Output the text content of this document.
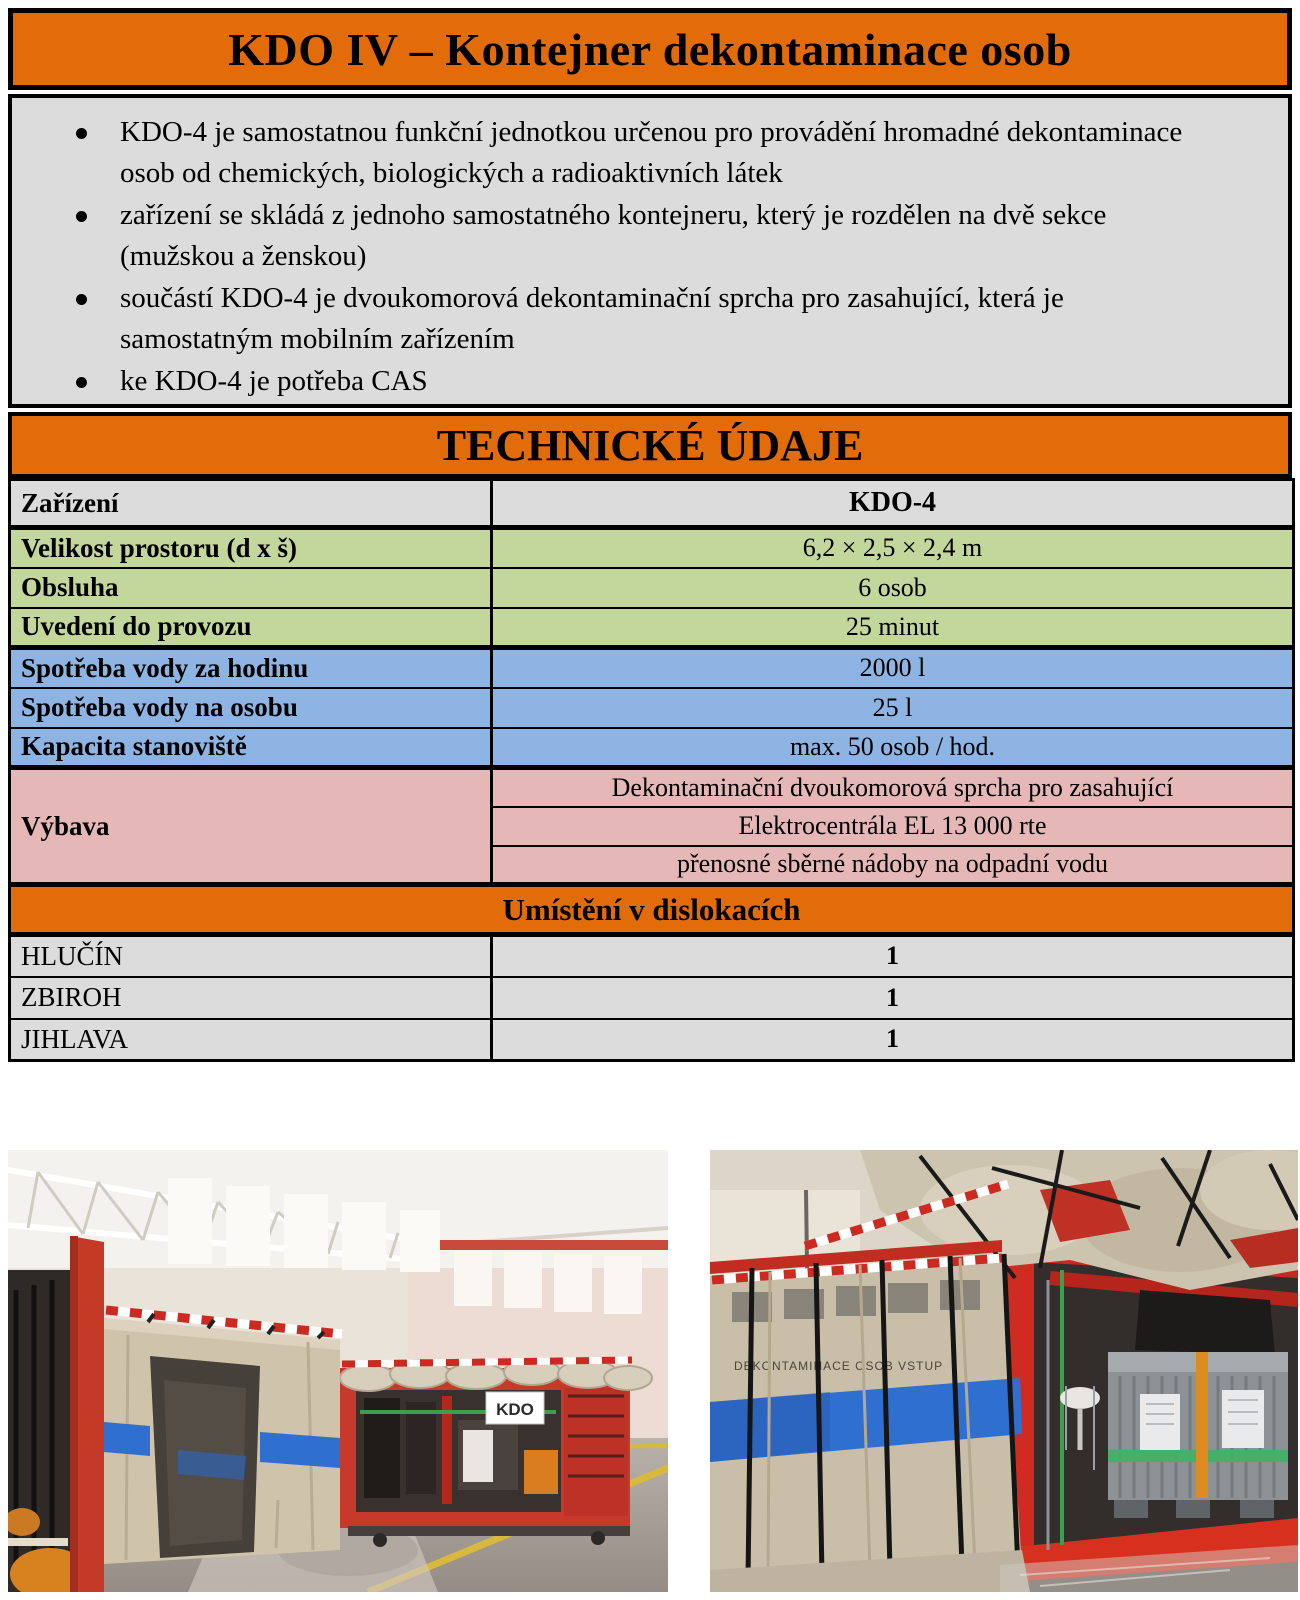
KDO IV – Kontejner dekontaminace osob
KDO-4 je samostatnou funkční jednotkou určenou pro provádění hromadné dekontaminace osob od chemických, biologických a radioaktivních látek
zařízení se skládá z jednoho samostatného kontejneru, který je rozdělen na dvě sekce (mužskou a ženskou)
součástí KDO-4 je dvoukomorová dekontaminační sprcha pro zasahující, která je samostatným mobilním zařízením
ke KDO-4 je potřeba CAS
TECHNICKÉ ÚDAJE
Zařízení	KDO-4
Velikost prostoru (d x š)	6,2 × 2,5 × 2,4 m
Obsluha	6 osob
Uvedení do provozu	25 minut
Spotřeba vody za hodinu	2000 l
Spotřeba vody na osobu	25 l
Kapacita stanoviště	max. 50 osob / hod.
Výbava	Dekontaminační dvoukomorová sprcha pro zasahující
	Elektrocentrála EL 13 000 rte
	přenosné sběrné nádoby na odpadní vodu
Umístění v dislokacích	
HLUČÍN	1
ZBIROH	1
JIHLAVA	1
KDO
DEKONTAMINACE OSOB VSTUP
